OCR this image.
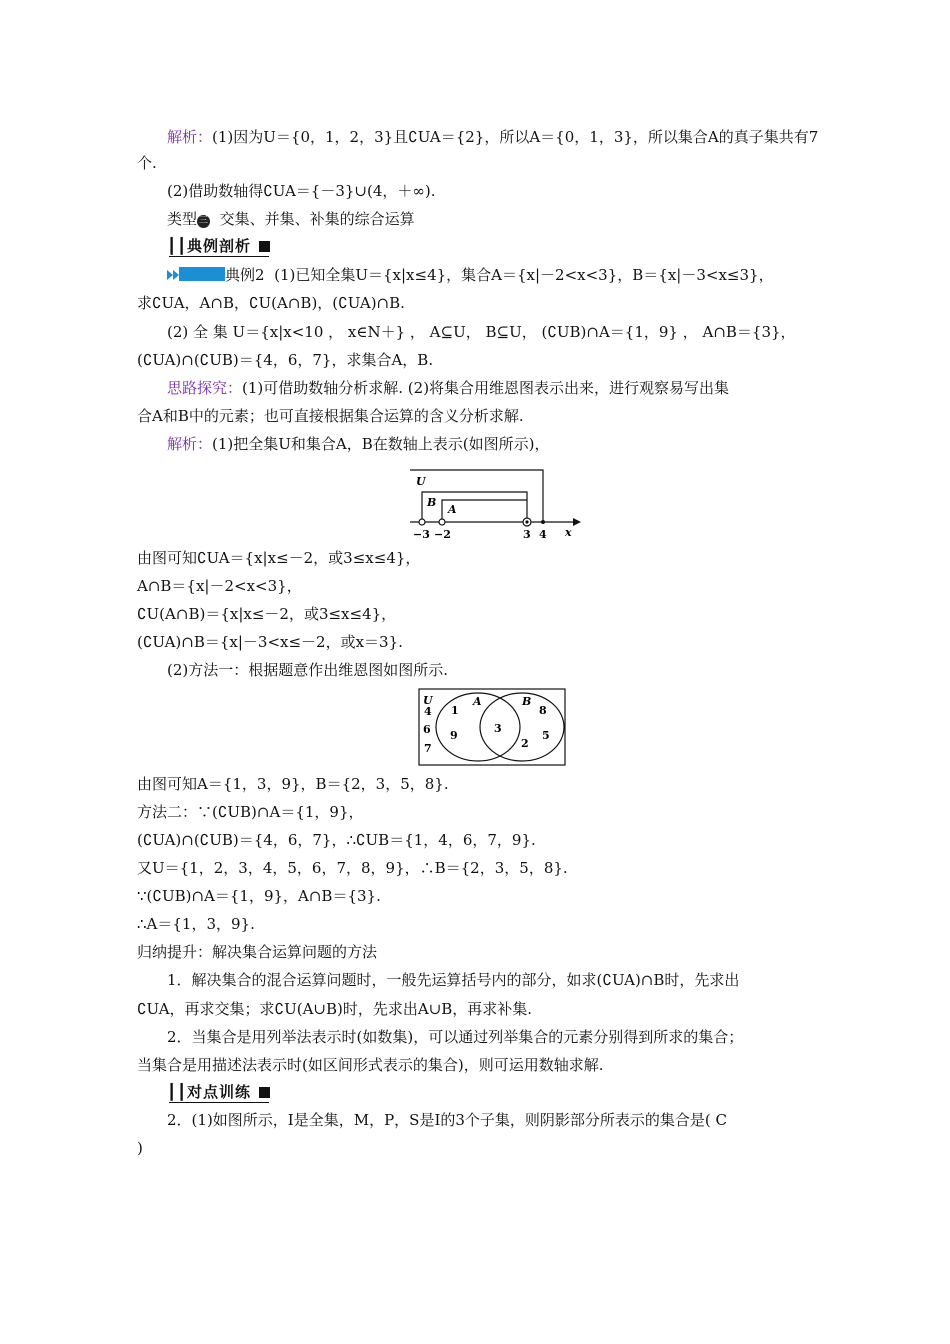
解析：(1)因为U＝{0，1，2，3}且∁UA＝{2}，所以A＝{0，1，3}，所以集合A的真子集共有7
个.
(2)借助数轴得∁UA＝{－3}∪(4，＋∞).
类型 三 交集、并集、补集的综合运算
┃┃典例剖析
典例2 (1)已知全集U＝{x|x≤4}，集合A＝{x|－2<x<3}，B＝{x|－3<x≤3}，
求∁UA，A∩B，∁U(A∩B)，(∁UA)∩B.
(2) 全 集 U＝{x|x<10 ， x∈N＋} ， A⊆U， B⊆U， (∁UB)∩A＝{1，9} ， A∩B＝{3}，
(∁UA)∩(∁UB)＝{4，6，7}，求集合A，B.
思路探究：(1)可借助数轴分析求解. (2)将集合用维恩图表示出来，进行观察易写出集
合A和B中的元素；也可直接根据集合运算的含义分析求解.
解析：(1)把全集U和集合A，B在数轴上表示(如图所示)，
U
B
A
−3 −2	3 4 x
由图可知∁UA＝{x|x≤－2，或3≤x≤4}，
A∩B＝{x|－2<x<3}，
∁U(A∩B)＝{x|x≤－2，或3≤x≤4}，
(∁UA)∩B＝{x|－3<x≤－2，或x＝3}.
(2)方法一：根据题意作出维恩图如图所示.
U	A	B
4
6
7
1
9
3
8
2
5
由图可知A＝{1，3，9}，B＝{2，3，5，8}.
方法二：∵(∁UB)∩A＝{1，9}，
(∁UA)∩(∁UB)＝{4，6，7}，∴∁UB＝{1，4，6，7，9}.
又U＝{1，2，3，4，5，6，7，8，9}，∴B＝{2，3，5，8}.
∵(∁UB)∩A＝{1，9}，A∩B＝{3}.
∴A＝{1，3，9}.
归纳提升：解决集合运算问题的方法
1．解决集合的混合运算问题时，一般先运算括号内的部分，如求(∁UA)∩B时，先求出
∁UA，再求交集；求∁U(A∪B)时，先求出A∪B，再求补集.
2．当集合是用列举法表示时(如数集)，可以通过列举集合的元素分别得到所求的集合；
当集合是用描述法表示时(如区间形式表示的集合)，则可运用数轴求解.
┃┃对点训练
2．(1)如图所示，I是全集，M，P，S是I的3个子集，则阴影部分所表示的集合是( C
)
